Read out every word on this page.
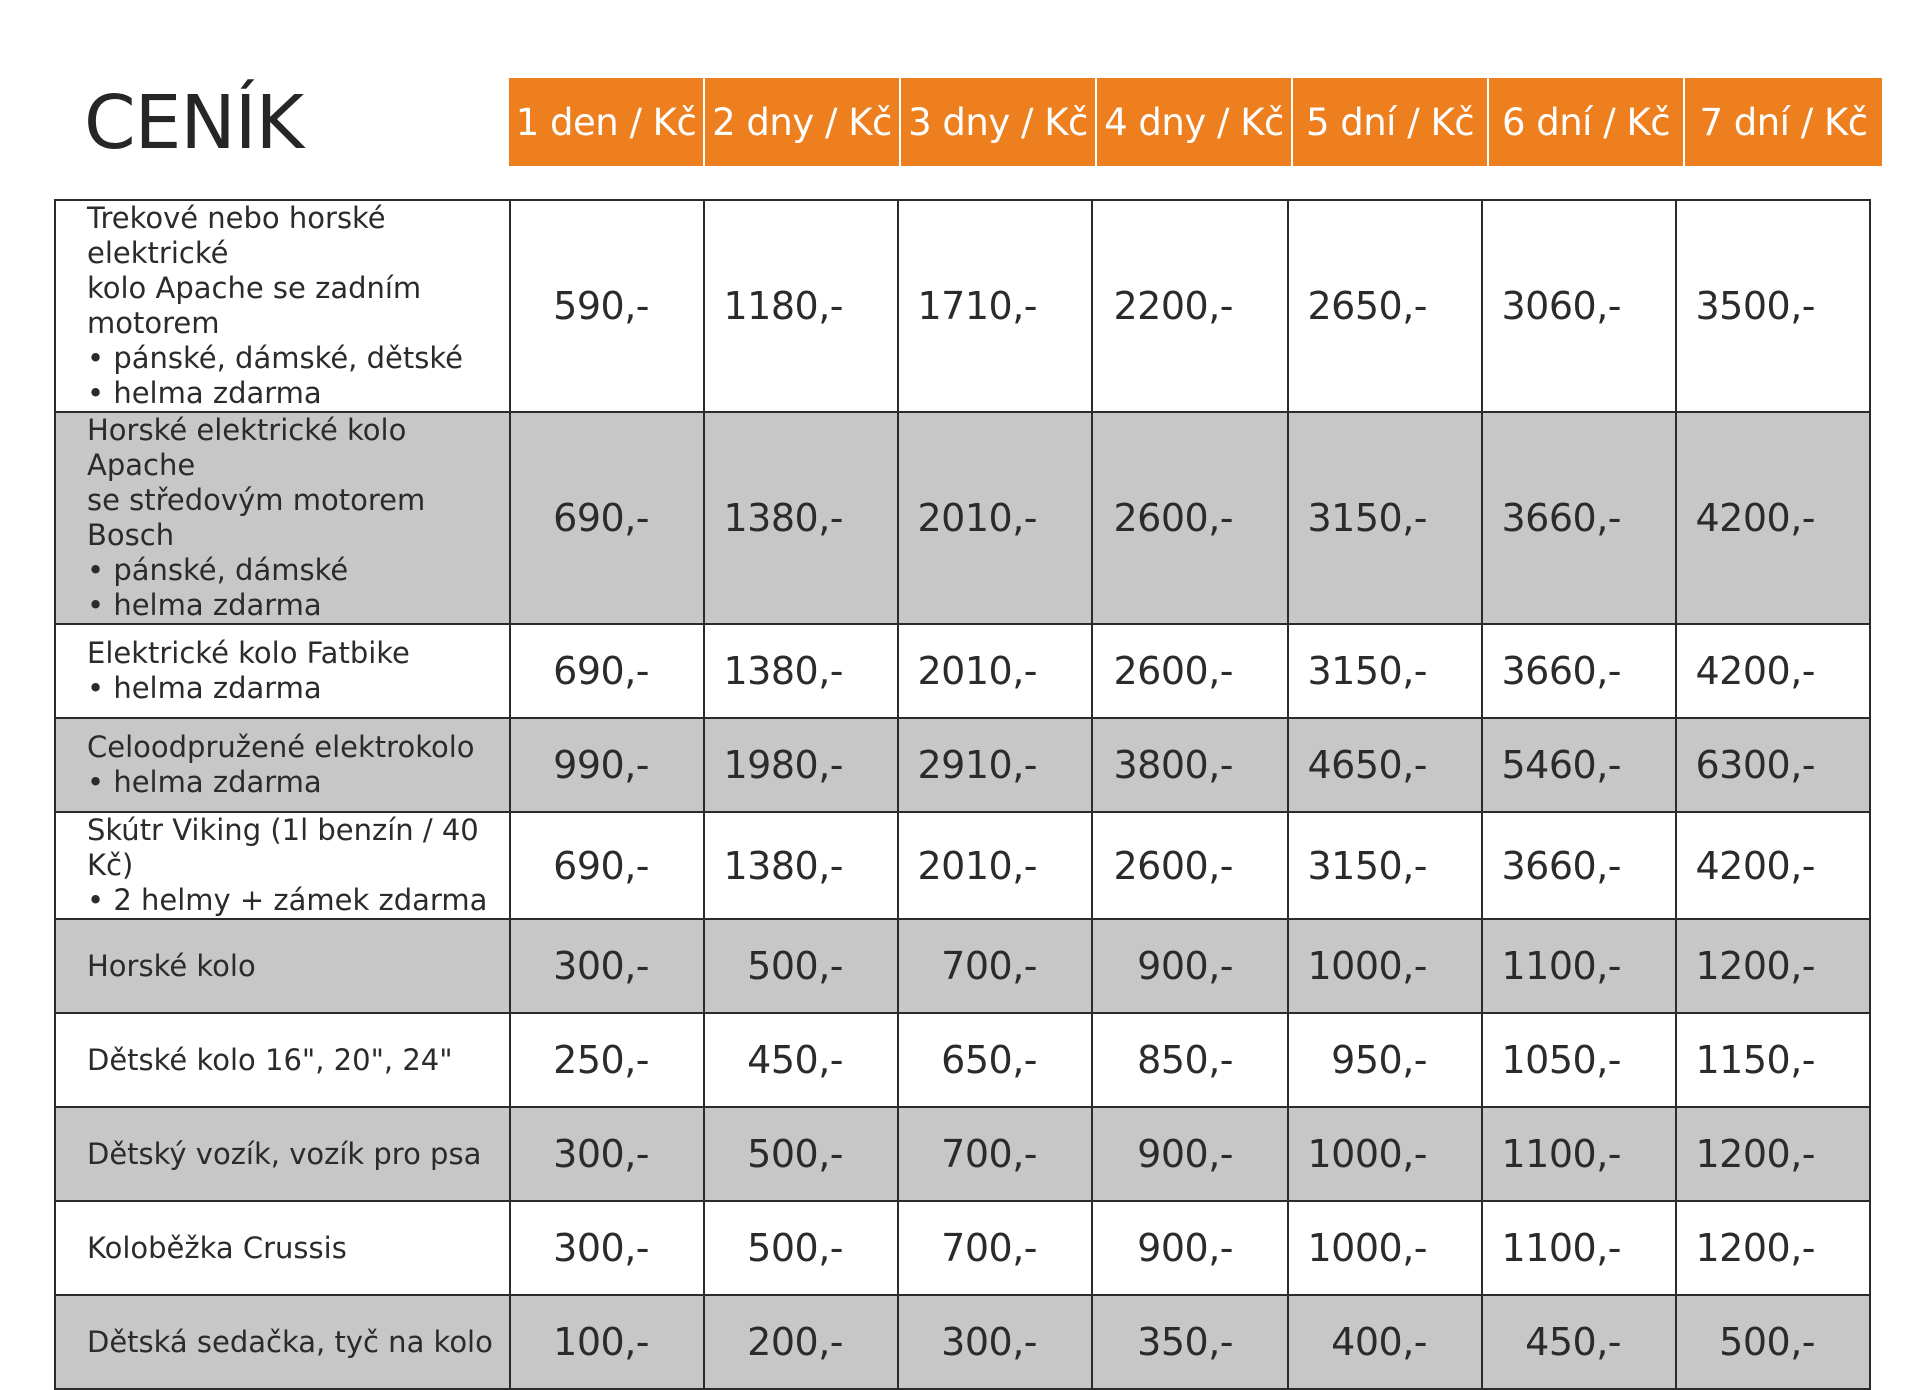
CENÍK	1 den / Kč 2 dny / Kč 3 dny / Kč 4 dny / Kč 5 dní / Kč 6 dní / Kč 7 dní / Kč
Trekové nebo horské elektrické
kolo Apache se zadním motorem
• pánské, dámské, dětské
• helma zdarma	590,-	1180,-	1710,-	2200,-	2650,-	3060,-	3500,-

Horské elektrické kolo Apache
se středovým motorem Bosch
• pánské, dámské
• helma zdarma	690,-	1380,-	2010,-	2600,-	3150,-	3660,-	4200,-

Elektrické kolo Fatbike
• helma zdarma	690,-	1380,-	2010,-	2600,-	3150,-	3660,-	4200,-

Celoodpružené elektrokolo
• helma zdarma	990,-	1980,-	2910,-	3800,-	4650,-	5460,-	6300,-

Skútr Viking (1l benzín / 40 Kč)
• 2 helmy + zámek zdarma	690,-	1380,-	2010,-	2600,-	3150,-	3660,-	4200,-

Horské kolo	300,-	500,-	700,-	900,-	1000,-	1100,-	1200,-

Dětské kolo 16", 20", 24"	250,-	450,-	650,-	850,-	950,-	1050,-	1150,-

Dětský vozík, vozík pro psa	300,-	500,-	700,-	900,-	1000,-	1100,-	1200,-

Koloběžka Crussis	300,-	500,-	700,-	900,-	1000,-	1100,-	1200,-

Dětská sedačka, tyč na kolo	100,-	200,-	300,-	350,-	400,-	450,-	500,-
